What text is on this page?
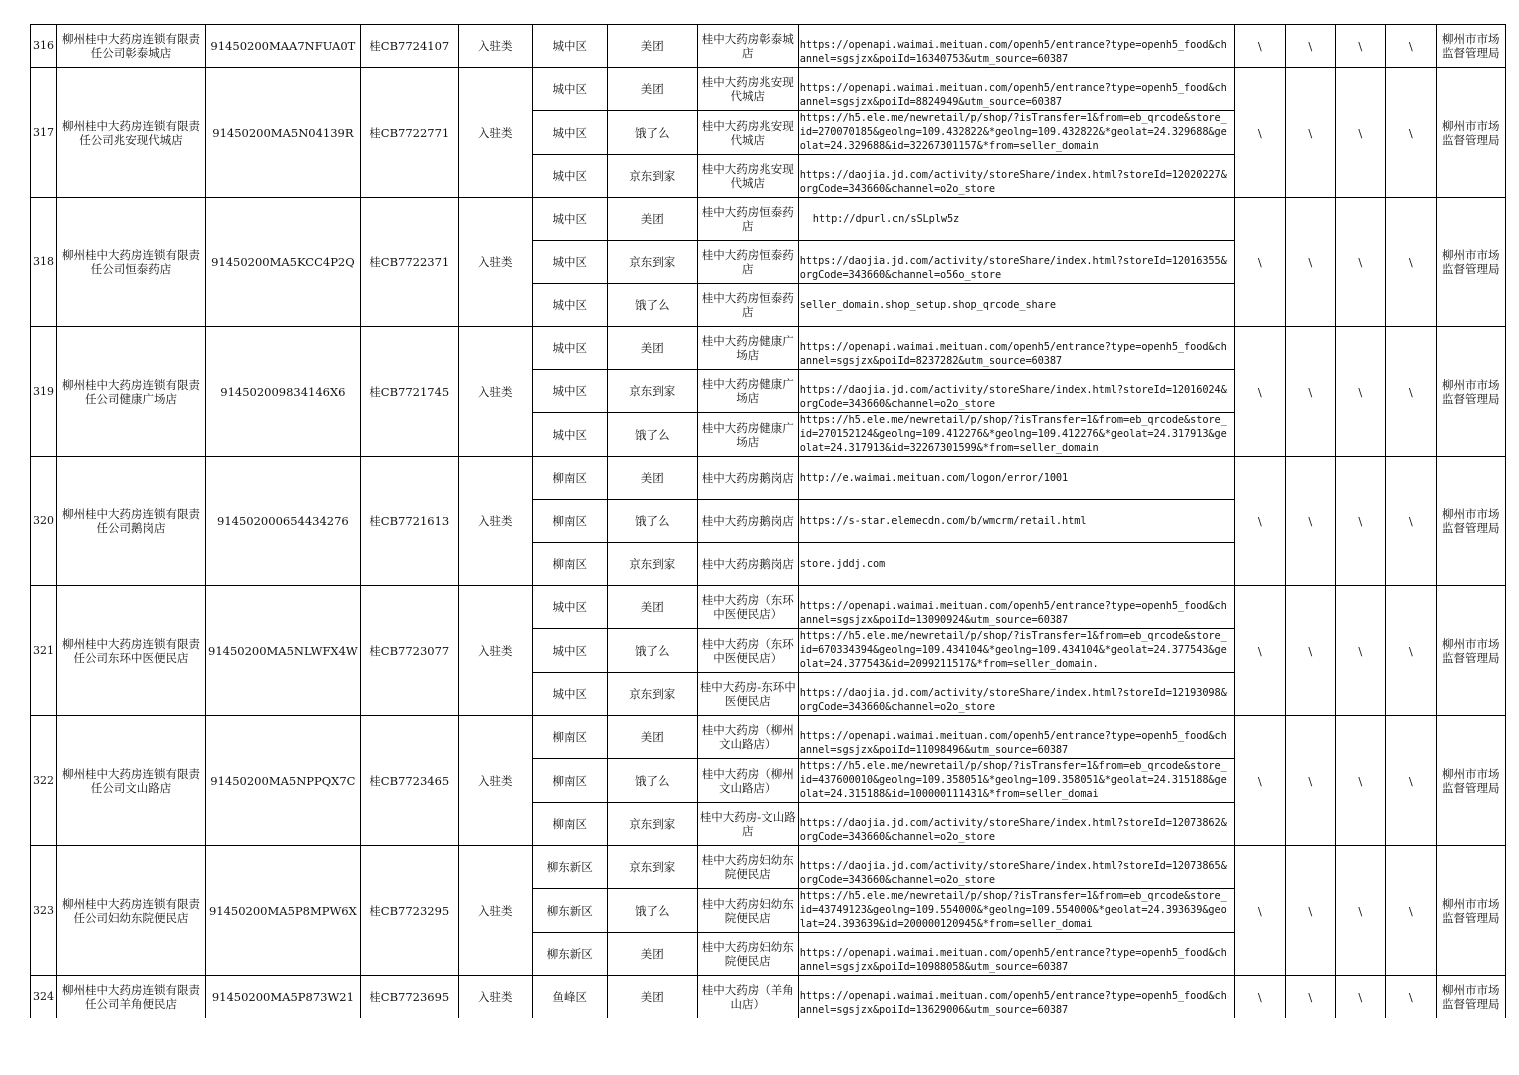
316	柳州桂中大药房连锁有限责任公司彰泰城店	91450200MAA7NFUA0T	桂CB7724107	入驻类	城中区	美团	桂中大药房彰泰城店	https://openapi.waimai.meituan.com/openh5/entrance?type=openh5_food&channel=sgsjzx&poiId=16340753&utm_source=60387	\	\	\	\	柳州市市场监督管理局
317	柳州桂中大药房连锁有限责任公司兆安现代城店	91450200MA5N04139R	桂CB7722771	入驻类	城中区	美团	桂中大药房兆安现代城店	https://openapi.waimai.meituan.com/openh5/entrance?type=openh5_food&channel=sgsjzx&poiId=8824949&utm_source=60387	\	\	\	\	柳州市市场监督管理局
					城中区	饿了么	桂中大药房兆安现代城店	https://h5.ele.me/newretail/p/shop/?isTransfer=1&from=eb_qrcode&store_id=270070185&geolng=109.432822&*geolng=109.432822&*geolat=24.329688&geolat=24.329688&id=32267301157&*from=seller_domain					
					城中区	京东到家	桂中大药房兆安现代城店	https://daojia.jd.com/activity/storeShare/index.html?storeId=12020227&orgCode=343660&channel=o2o_store					
318	柳州桂中大药房连锁有限责任公司恒泰药店	91450200MA5KCC4P2Q	桂CB7722371	入驻类	城中区	美团	桂中大药房恒泰药店	http://dpurl.cn/sSLplw5z	\	\	\	\	柳州市市场监督管理局
					城中区	京东到家	桂中大药房恒泰药店	https://daojia.jd.com/activity/storeShare/index.html?storeId=12016355&orgCode=343660&channel=o56o_store					
					城中区	饿了么	桂中大药房恒泰药店	seller_domain.shop_setup.shop_qrcode_share					
319	柳州桂中大药房连锁有限责任公司健康广场店	914502009834146X6	桂CB7721745	入驻类	城中区	美团	桂中大药房健康广场店	https://openapi.waimai.meituan.com/openh5/entrance?type=openh5_food&channel=sgsjzx&poiId=8237282&utm_source=60387	\	\	\	\	柳州市市场监督管理局
					城中区	京东到家	桂中大药房健康广场店	https://daojia.jd.com/activity/storeShare/index.html?storeId=12016024&orgCode=343660&channel=o2o_store					
					城中区	饿了么	桂中大药房健康广场店	https://h5.ele.me/newretail/p/shop/?isTransfer=1&from=eb_qrcode&store_id=270152124&geolng=109.412276&*geolng=109.412276&*geolat=24.317913&geolat=24.317913&id=32267301599&*from=seller_domain					
320	柳州桂中大药房连锁有限责任公司鹅岗店	914502000654434276	桂CB7721613	入驻类	柳南区	美团	桂中大药房鹅岗店	http://e.waimai.meituan.com/logon/error/1001	\	\	\	\	柳州市市场监督管理局
					柳南区	饿了么	桂中大药房鹅岗店	https://s-star.elemecdn.com/b/wmcrm/retail.html					
					柳南区	京东到家	桂中大药房鹅岗店	store.jddj.com					
321	柳州桂中大药房连锁有限责任公司东环中医便民店	91450200MA5NLWFX4W	桂CB7723077	入驻类	城中区	美团	桂中大药房（东环中医便民店）	https://openapi.waimai.meituan.com/openh5/entrance?type=openh5_food&channel=sgsjzx&poiId=13090924&utm_source=60387	\	\	\	\	柳州市市场监督管理局
					城中区	饿了么	桂中大药房（东环中医便民店）	https://h5.ele.me/newretail/p/shop/?isTransfer=1&from=eb_qrcode&store_id=670334394&geolng=109.434104&*geolng=109.434104&*geolat=24.377543&geolat=24.377543&id=2099211517&*from=seller_domain.					
					城中区	京东到家	桂中大药房-东环中医便民店	https://daojia.jd.com/activity/storeShare/index.html?storeId=12193098&orgCode=343660&channel=o2o_store					
322	柳州桂中大药房连锁有限责任公司文山路店	91450200MA5NPPQX7C	桂CB7723465	入驻类	柳南区	美团	桂中大药房（柳州文山路店）	https://openapi.waimai.meituan.com/openh5/entrance?type=openh5_food&channel=sgsjzx&poiId=11098496&utm_source=60387	\	\	\	\	柳州市市场监督管理局
					柳南区	饿了么	桂中大药房（柳州文山路店）	https://h5.ele.me/newretail/p/shop/?isTransfer=1&from=eb_qrcode&store_id=437600010&geolng=109.358051&*geolng=109.358051&*geolat=24.315188&geolat=24.315188&id=100000111431&*from=seller_domai					
					柳南区	京东到家	桂中大药房-文山路店	https://daojia.jd.com/activity/storeShare/index.html?storeId=12073862&orgCode=343660&channel=o2o_store					
323	柳州桂中大药房连锁有限责任公司妇幼东院便民店	91450200MA5P8MPW6X	桂CB7723295	入驻类	柳东新区	京东到家	桂中大药房妇幼东院便民店	https://daojia.jd.com/activity/storeShare/index.html?storeId=12073865&orgCode=343660&channel=o2o_store	\	\	\	\	柳州市市场监督管理局
					柳东新区	饿了么	桂中大药房妇幼东院便民店	https://h5.ele.me/newretail/p/shop/?isTransfer=1&from=eb_qrcode&store_id=43749123&geolng=109.554000&*geolng=109.554000&*geolat=24.393639&geolat=24.393639&id=200000120945&*from=seller_domai					
					柳东新区	美团	桂中大药房妇幼东院便民店	https://openapi.waimai.meituan.com/openh5/entrance?type=openh5_food&channel=sgsjzx&poiId=10988058&utm_source=60387					
324	柳州桂中大药房连锁有限责任公司羊角便民店	91450200MA5P873W21	桂CB7723695	入驻类	鱼峰区	美团	桂中大药房（羊角山店）	https://openapi.waimai.meituan.com/openh5/entrance?type=openh5_food&channel=sgsjzx&poiId=13629006&utm_source=60387	\	\	\	\	柳州市市场监督管理局
